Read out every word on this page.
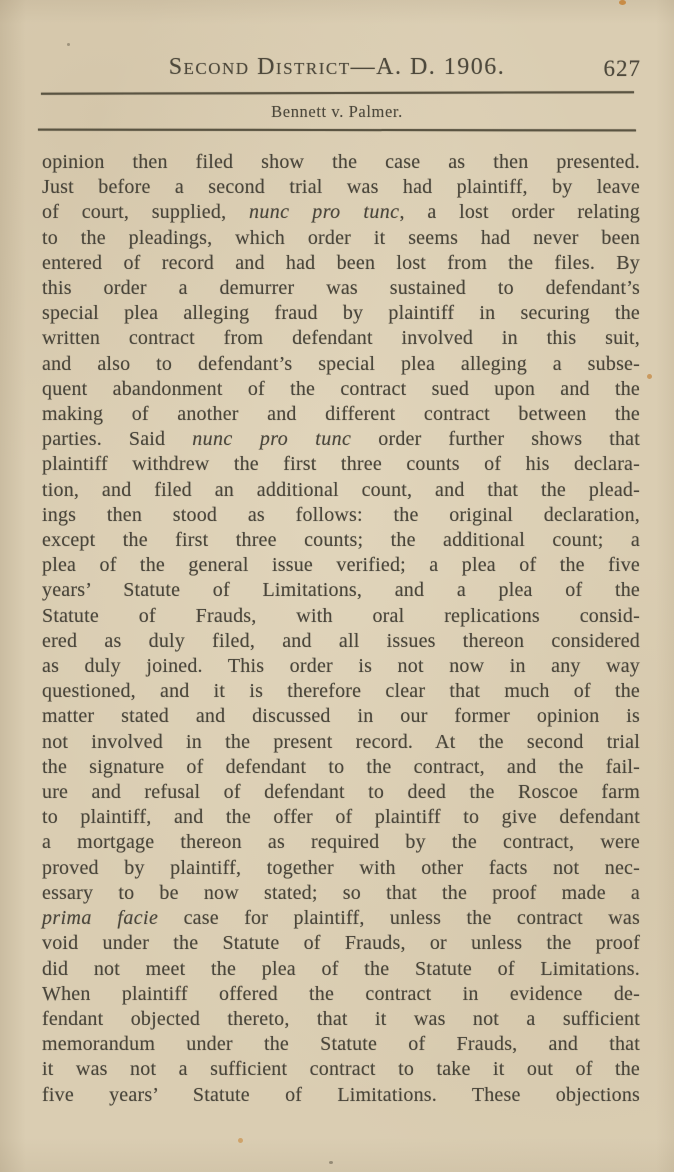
Second District—A. D. 1906.	627
Bennett v. Palmer.
opinion then filed show the case as then presented.
Just before a second trial was had plaintiff, by leave
of court, supplied, nunc pro tunc, a lost order relating
to the pleadings, which order it seems had never been
entered of record and had been lost from the files. By
this order a demurrer was sustained to defendant’s
special plea alleging fraud by plaintiff in securing the
written contract from defendant involved in this suit,
and also to defendant’s special plea alleging a subse-
quent abandonment of the contract sued upon and the
making of another and different contract between the
parties. Said nunc pro tunc order further shows that
plaintiff withdrew the first three counts of his declara-
tion, and filed an additional count, and that the plead-
ings then stood as follows: the original declaration,
except the first three counts; the additional count; a
plea of the general issue verified; a plea of the five
years’ Statute of Limitations, and a plea of the
Statute of Frauds, with oral replications consid-
ered as duly filed, and all issues thereon considered
as duly joined. This order is not now in any way
questioned, and it is therefore clear that much of the
matter stated and discussed in our former opinion is
not involved in the present record. At the second trial
the signature of defendant to the contract, and the fail-
ure and refusal of defendant to deed the Roscoe farm
to plaintiff, and the offer of plaintiff to give defendant
a mortgage thereon as required by the contract, were
proved by plaintiff, together with other facts not nec-
essary to be now stated; so that the proof made a
prima facie case for plaintiff, unless the contract was
void under the Statute of Frauds, or unless the proof
did not meet the plea of the Statute of Limitations.
When plaintiff offered the contract in evidence de-
fendant objected thereto, that it was not a sufficient
memorandum under the Statute of Frauds, and that
it was not a sufficient contract to take it out of the
five years’ Statute of Limitations. These objections
